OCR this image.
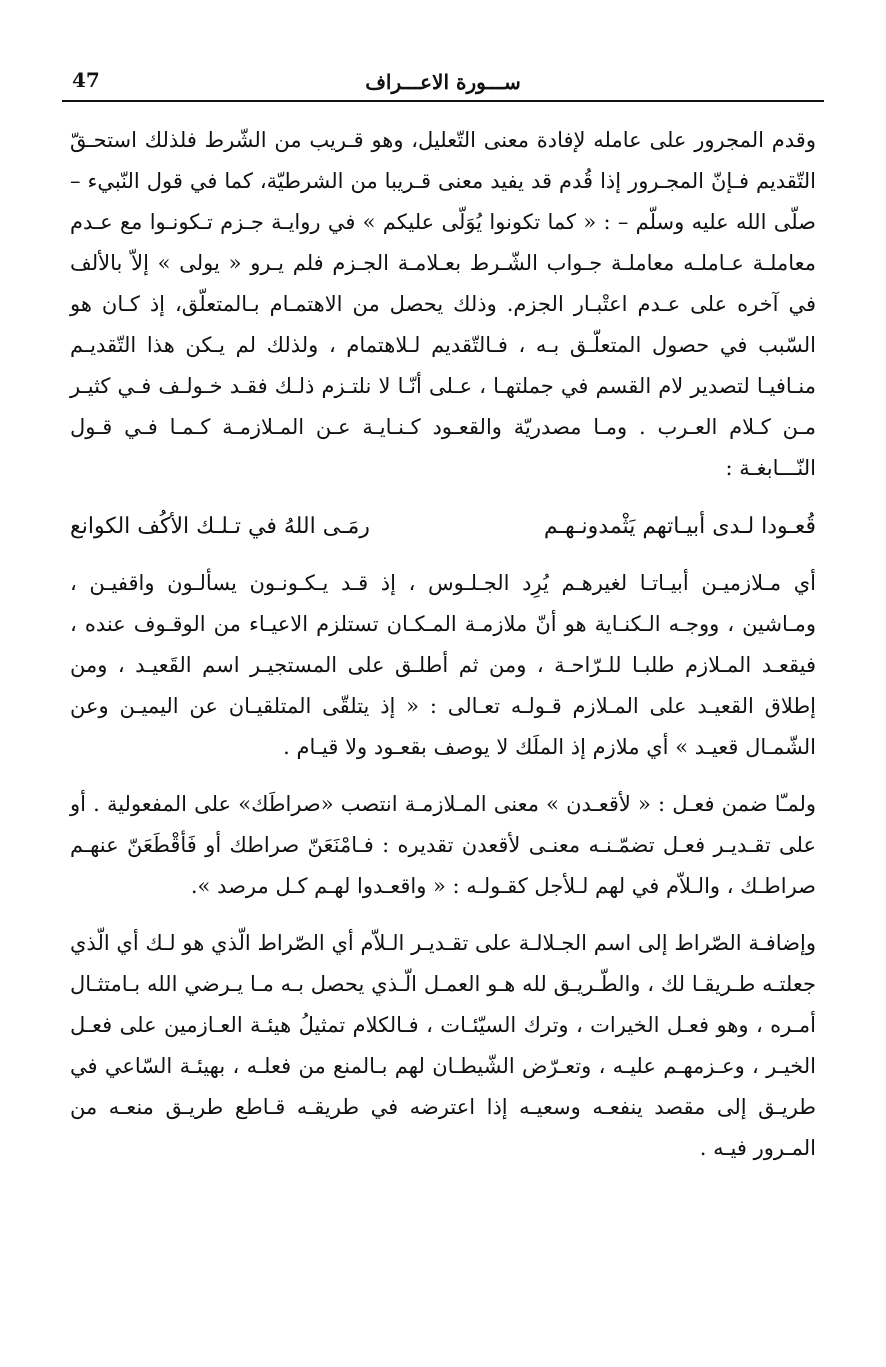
47	ســـورة الاعـــراف

وقدم المجرور على عامله لإفادة معنى التّعليل، وهو قـريب من الشّرط فلذلك استحـقّ التّقديم فـإنّ المجـرور إذا قُدم قد يفيد معنى قـريبا من الشرطيّة، كما في قول النّبيء – صلّى الله عليه وسلّم – : « كما تكونوا يُوَلّى عليكم » في روايـة جـزم تـكونـوا مع عـدم معاملـة عـاملـه معاملـة جـواب الشّـرط بعـلامـة الجـزم فلم يـرو « يولى » إلاّ بالألف في آخره على عـدم اعتْبـار الجزم. وذلك يحصل من الاهتمـام بـالمتعلّق، إذ كـان هو السّبب في حصول المتعلّـق بـه ، فـالتّقديم لـلاهتمام ، ولذلك لم يـكن هذا التّقديـم منـافيـا لتصدير لام القسم في جملتهـا ، عـلى أنّـا لا نلتـزم ذلـك فقـد خـولـف فـي كثيـر مـن كـلام العـرب . ومـا مصدريّة والقعـود كـنـايـة عـن المـلازمـة كـمـا فـي قـول النّـــابغـة :

قُعـودا لـدى أبيـاتهم يَثْمدونـهـم
رمَـى اللهُ في تـلـك الأكُف الكوانع

أي مـلازميـن أبيـاتـا لغيرهـم يُرِد الجـلـوس ، إذ قـد يـكـونـون يسألـون واقفيـن ، ومـاشين ، ووجـه الـكنـاية هو أنّ ملازمـة المـكـان تستلزم الاعيـاء من الوقـوف عنده ، فيقعـد المـلازم طلبـا للـرّاحـة ، ومن ثم أطلـق على المستجيـر اسم القَعيـد ، ومن إطلاق القعيـد على المـلازم قـولـه تعـالى : « إذ يتلقّى المتلقيـان عن اليميـن وعن الشّمـال قعيـد » أي ملازم إذ الملَك لا يوصف بقعـود ولا قيـام .

ولمـّا ضمن فعـل : « لأقعـدن » معنى المـلازمـة انتصب «صراطَك» على المفعولية . أو على تقـديـر فعـل تضمّـنـه معنـى لأقعدن تقديره : فـامْنَعَنّ صراطك أو فَأقْطَعَنّ عنهـم صراطـك ، والـلاّم في لهم لـلأجل كقـولـه : « واقعـدوا لهـم كـل مرصد ».

وإضافـة الصّراط إلى اسم الجـلالـة على تقـديـر الـلاّم أي الصّراط الّذي هو لـك أي الّذي جعلتـه طـريقـا لك ، والطّـريـق لله هـو العمـل الّـذي يحصل بـه مـا يـرضي الله بـامتثـال أمـره ، وهو فعـل الخيرات ، وترك السيّئـات ، فـالكلام تمثيلُ هيئـة العـازمين على فعـل الخيـر ، وعـزمهـم عليـه ، وتعـرّض الشّيطـان لهم بـالمنع من فعلـه ، بهيئـة السّاعي في طريـق إلى مقصد ينفعـه وسعيـه إذا اعترضه في طريقـه قـاطع طريـق منعـه من المـرور فيـه .
